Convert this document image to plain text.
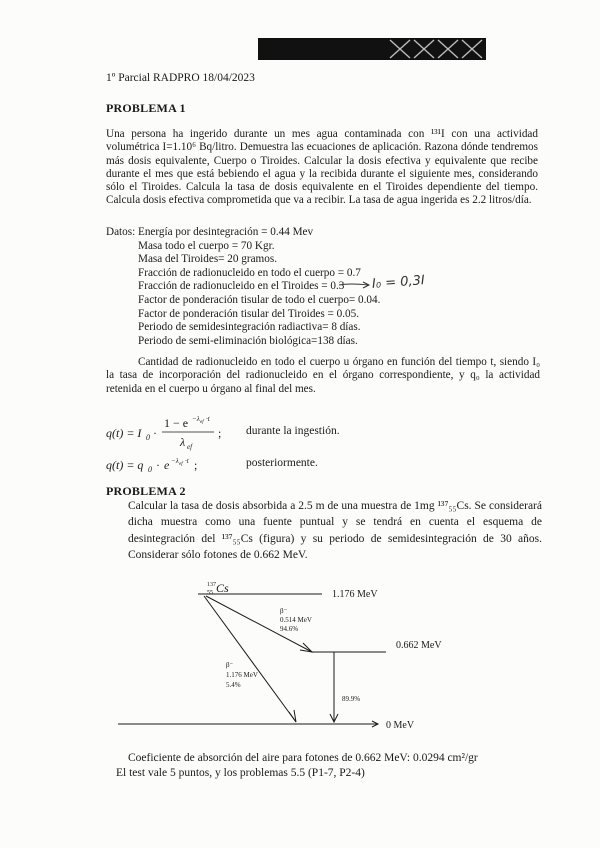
1º Parcial RADPRO 18/04/2023
PROBLEMA 1
Una persona ha ingerido durante un mes agua contaminada con ¹³¹I con una actividad volumétrica I=1.10⁶ Bq/litro. Demuestra las ecuaciones de aplicación. Razona dónde tendremos más dosis equivalente, Cuerpo o Tiroides. Calcular la dosis efectiva y equivalente que recibe durante el mes que está bebiendo el agua y la recibida durante el siguiente mes, considerando sólo el Tiroides. Calcula la tasa de dosis equivalente en el Tiroides dependiente del tiempo. Calcula dosis efectiva comprometida que va a recibir. La tasa de agua ingerida es 2.2 litros/día.
Datos: Energía por desintegración = 0.44 Mev
Masa todo el cuerpo = 70 Kgr.
Masa del Tiroides= 20 gramos.
Fracción de radionucleido en todo el cuerpo = 0.7
Fracción de radionucleido en el Tiroides = 0.3
Factor de ponderación tisular de todo el cuerpo= 0.04.
Factor de ponderación tisular del Tiroides = 0.05.
Periodo de semidesintegración radiactiva= 8 días.
Periodo de semi-eliminación biológica=138 días.
I₀ = 0,3I
Cantidad de radionucleido en todo el cuerpo u órgano en función del tiempo t, siendo I₀ la tasa de incorporación del radionucleido en el órgano correspondiente, y q₀ la actividad retenida en el cuerpo u órgano al final del mes.
q(t) = I 0 ·
1 − e −λ ef ·t
λ ef
; durante la ingestión.
q(t) = q 0 · e −λ ef ·t ;	posteriormente.
PROBLEMA 2
Calcular la tasa de dosis absorbida a 2.5 m de una muestra de 1mg ¹³⁷₅₅Cs. Se considerará dicha muestra como una fuente puntual y se tendrá en cuenta el esquema de desintegración del ¹³⁷₅₅Cs (figura) y su periodo de semidesintegración de 30 años. Considerar sólo fotones de 0.662 MeV.
137
55 Cs	1.176 MeV
0.662 MeV
0 MeV
β⁻
0.514 MeV
94.6%
β⁻
1.176 MeV
5.4%
89.9%
Coeficiente de absorción del aire para fotones de 0.662 MeV: 0.0294 cm²/gr
El test vale 5 puntos, y los problemas 5.5 (P1-7, P2-4)
